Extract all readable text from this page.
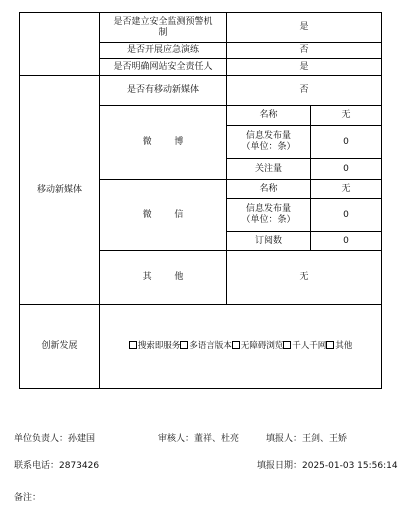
	是否建立安全监测预警机制	是	
	是否开展应急演练	否	
	是否明确网站安全责任人	是	
移动新媒体	是否有移动新媒体	否	
	微 博	名称	无

		信息发布量
（单位：条）	0
		关注量	0
	微 信	名称	无

		信息发布量
（单位：条）	0
		订阅数	0
	其 他	无	
创新发展	搜索即服务 多语言版本 无障碍浏览 千人千网 其他		
单位负责人：孙建国	审核人：董祥、杜亮	填报人：王剑、王娇
联系电话：2873426	填报日期：2025-01-03 15:56:14
备注：
